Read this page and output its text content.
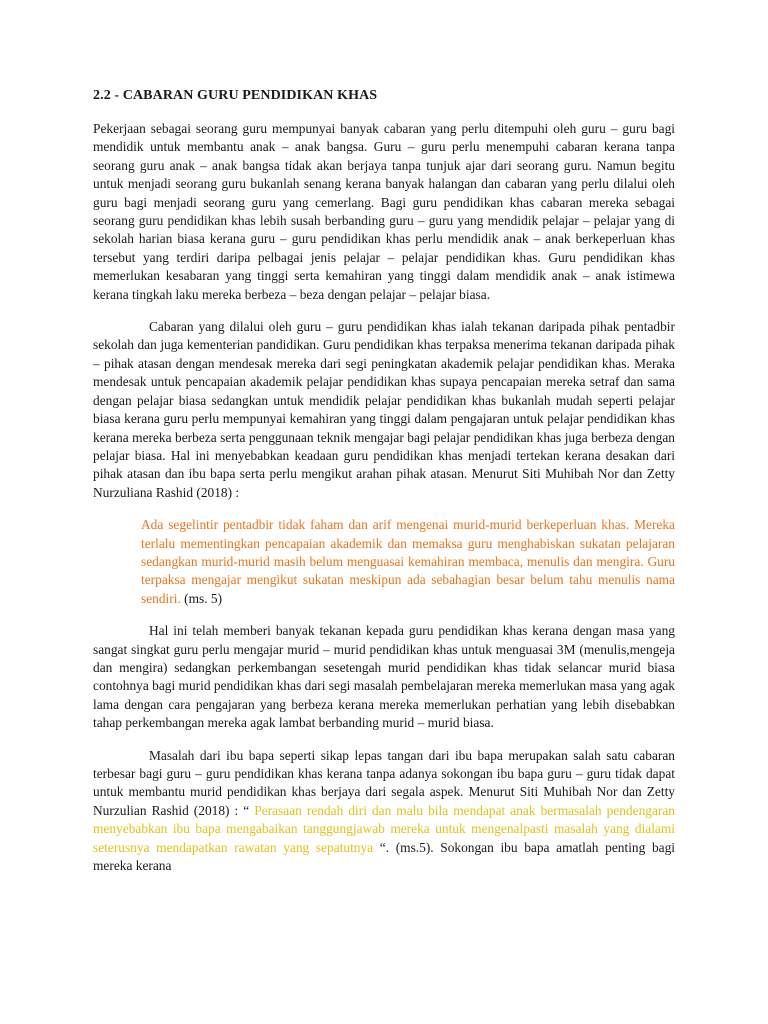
2.2 - CABARAN GURU PENDIDIKAN KHAS

Pekerjaan sebagai seorang guru mempunyai banyak cabaran yang perlu ditempuhi oleh guru – guru bagi mendidik untuk membantu anak – anak bangsa. Guru – guru perlu menempuhi cabaran kerana tanpa seorang guru anak – anak bangsa tidak akan berjaya tanpa tunjuk ajar dari seorang guru. Namun begitu untuk menjadi seorang guru bukanlah senang kerana banyak halangan dan cabaran yang perlu dilalui oleh guru bagi menjadi seorang guru yang cemerlang. Bagi guru pendidikan khas cabaran mereka sebagai seorang guru pendidikan khas lebih susah berbanding guru – guru yang mendidik pelajar – pelajar yang di sekolah harian biasa kerana guru – guru pendidikan khas perlu mendidik anak – anak berkeperluan khas tersebut yang terdiri daripa pelbagai jenis pelajar – pelajar pendidikan khas. Guru pendidikan khas memerlukan kesabaran yang tinggi serta kemahiran yang tinggi dalam mendidik anak – anak istimewa kerana tingkah laku mereka berbeza – beza dengan pelajar – pelajar biasa.

Cabaran yang dilalui oleh guru – guru pendidikan khas ialah tekanan daripada pihak pentadbir sekolah dan juga kementerian pandidikan. Guru pendidikan khas terpaksa menerima tekanan daripada pihak – pihak atasan dengan mendesak mereka dari segi peningkatan akademik pelajar pendidikan khas. Meraka mendesak untuk pencapaian akademik pelajar pendidikan khas supaya pencapaian mereka setraf dan sama dengan pelajar biasa sedangkan untuk mendidik pelajar pendidikan khas bukanlah mudah seperti pelajar biasa kerana guru perlu mempunyai kemahiran yang tinggi dalam pengajaran untuk pelajar pendidikan khas kerana mereka berbeza serta penggunaan teknik mengajar bagi pelajar pendidikan khas juga berbeza dengan pelajar biasa. Hal ini menyebabkan keadaan guru pendidikan khas menjadi tertekan kerana desakan dari pihak atasan dan ibu bapa serta perlu mengikut arahan pihak atasan. Menurut Siti Muhibah Nor dan Zetty Nurzuliana Rashid (2018) :

Ada segelintir pentadbir tidak faham dan arif mengenai murid-murid berkeperluan khas. Mereka terlalu mementingkan pencapaian akademik dan memaksa guru menghabiskan sukatan pelajaran sedangkan murid-murid masih belum menguasai kemahiran membaca, menulis dan mengira. Guru terpaksa mengajar mengikut sukatan meskipun ada sebahagian besar belum tahu menulis nama sendiri. (ms. 5)

Hal ini telah memberi banyak tekanan kepada guru pendidikan khas kerana dengan masa yang sangat singkat guru perlu mengajar murid – murid pendidikan khas untuk menguasai 3M (menulis,mengeja dan mengira) sedangkan perkembangan sesetengah murid pendidikan khas tidak selancar murid biasa contohnya bagi murid pendidikan khas dari segi masalah pembelajaran mereka memerlukan masa yang agak lama dengan cara pengajaran yang berbeza kerana mereka memerlukan perhatian yang lebih disebabkan tahap perkembangan mereka agak lambat berbanding murid – murid biasa.

Masalah dari ibu bapa seperti sikap lepas tangan dari ibu bapa merupakan salah satu cabaran terbesar bagi guru – guru pendidikan khas kerana tanpa adanya sokongan ibu bapa guru – guru tidak dapat untuk membantu murid pendidikan khas berjaya dari segala aspek. Menurut Siti Muhibah Nor dan Zetty Nurzulian Rashid (2018) : “ Perasaan rendah diri dan malu bila mendapat anak bermasalah pendengaran menyebabkan ibu bapa mengabaikan tanggungjawab mereka untuk mengenalpasti masalah yang dialami seterusnya mendapatkan rawatan yang sepatutnya “. (ms.5). Sokongan ibu bapa amatlah penting bagi mereka kerana
